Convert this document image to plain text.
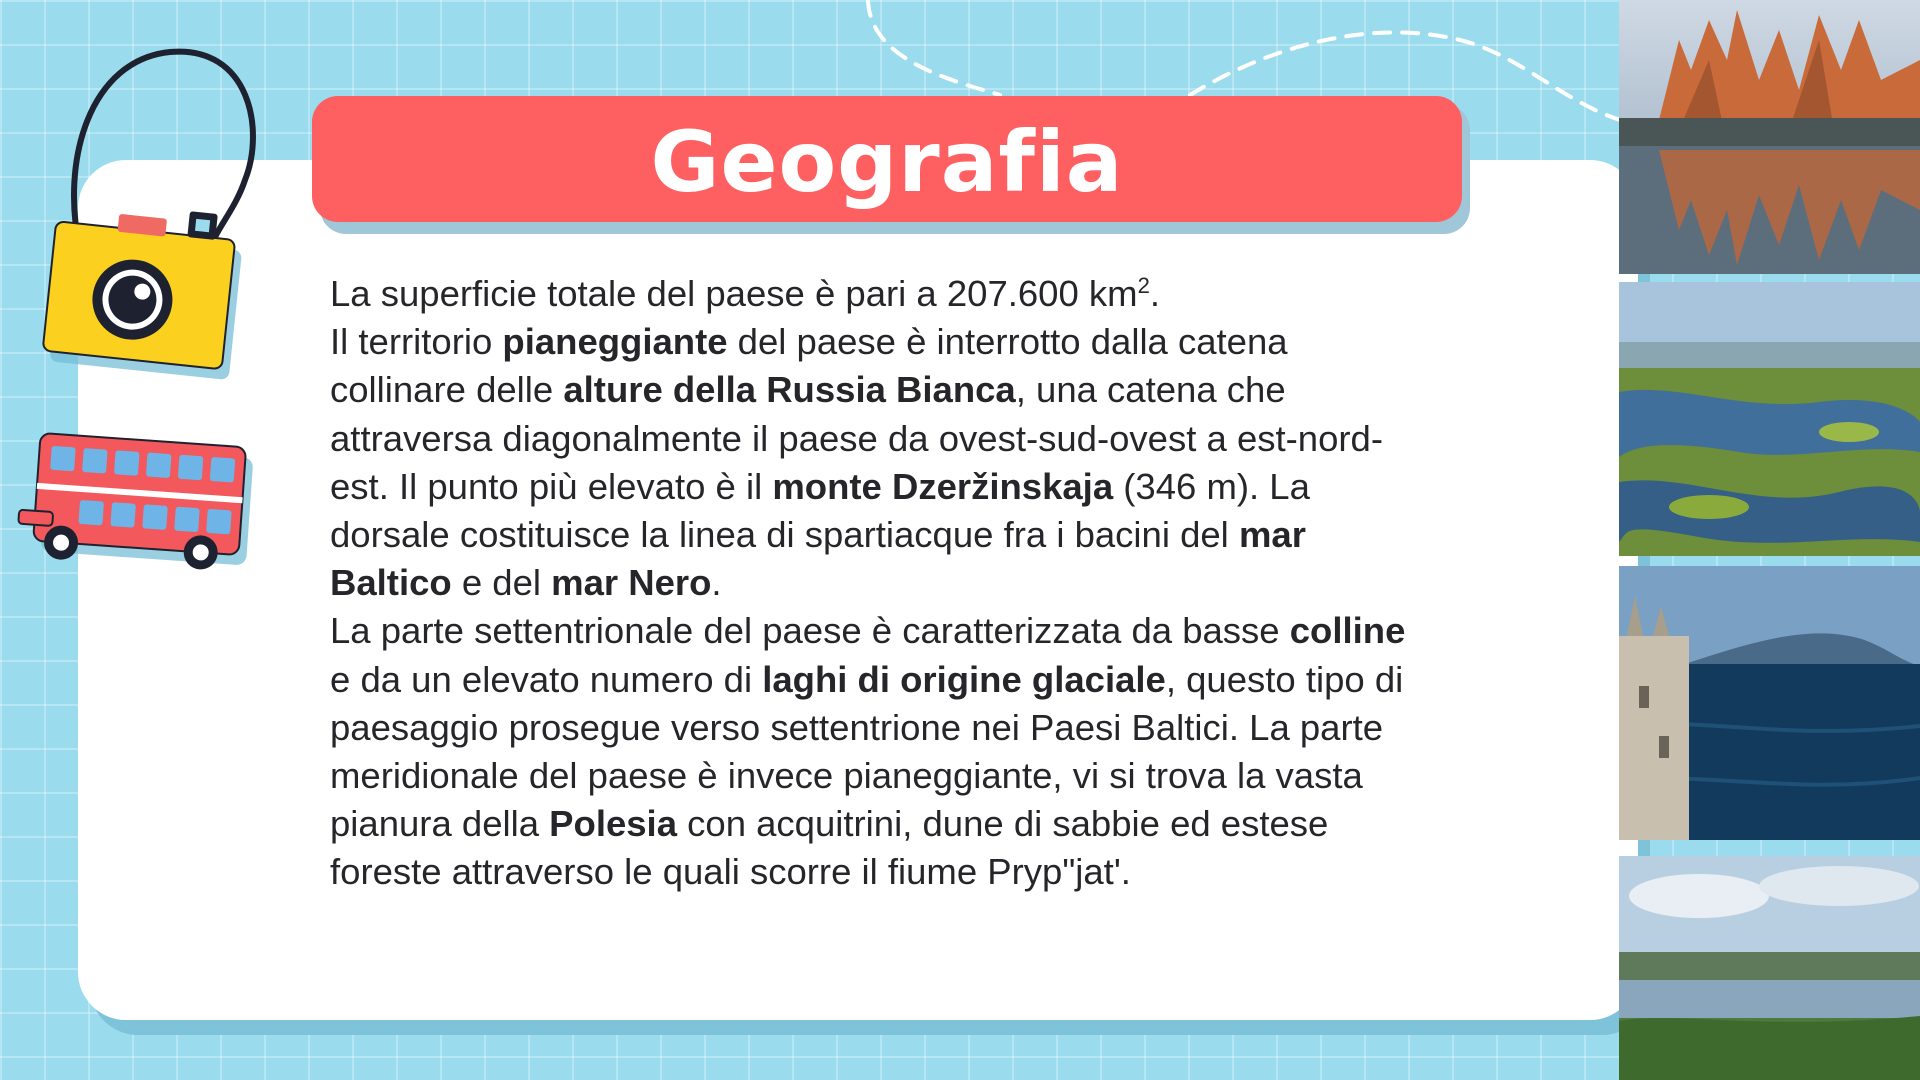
Geografia

La superficie totale del paese è pari a 207.600 $km^2$.

Il territorio pianeggiante del paese è interrotto dalla catena collinare delle alture della Russia Bianca, una catena che attraversa diagonalmente il paese da ovest-sud-ovest a est-nord-est. Il punto più elevato è il monte Dzeržinskaja (346 m). La dorsale costituisce la linea di spartiacque fra i bacini del mar Baltico e del mar Nero.

La parte settentrionale del paese è caratterizzata da basse colline e da un elevato numero di laghi di origine glaciale, questo tipo di paesaggio prosegue verso settentrione nei Paesi Baltici. La parte meridionale del paese è invece pianeggiante, vi si trova la vasta pianura della Polesia con acquitrini, dune di sabbie ed estese foreste attraverso le quali scorre il fiume Pryp"jat'.
